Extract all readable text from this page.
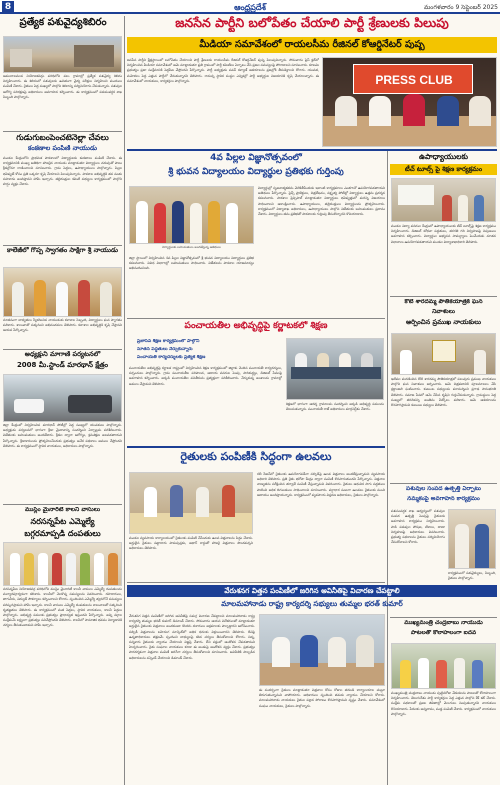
8	ఆంధ్రప్రదేశ్	మంగళవారం 9 సెప్టెంబర్ 2025
ప్రత్యేక పశువైద్యశిబిరం

ఆముదాలవలస నియోజకవర్గం పరిధిలోని పలు గ్రామాల్లో ప్రత్యేక పశువైద్య శిబిరం నిర్వహించారు. ఈ శిబిరంలో పశువులకు ఉచితంగా వైద్య పరీక్షలు నిర్వహించి మందులు పంపిణీ చేశారు. రైతులు పెద్ద సంఖ్యలో పాల్గొని శిబిరాన్ని సద్వినియోగం చేసుకున్నారు. పశువుల ఆరోగ్య పరిరక్షణపై అధికారులు అవగాహన కల్పించారు. ఈ కార్యక్రమంలో పశుసంవర్ధక శాఖ సిబ్బంది పాల్గొన్నారు.

గుడుగుబంపెంచటెనెల్లా చేవలు
కంకణాల పంపిణీ నాయుడు

మండల కేంద్రంలోని ప్రాథమిక పాఠశాలలో విద్యార్థులకు కంకణాలు పంపిణీ చేశారు. ఈ కార్యక్రమానికి ముఖ్య అతిథిగా హాజరైన నాయుడు మాట్లాడుతూ విద్యార్థులు చదువుతో పాటు క్రీడల్లోనూ రాణించాలని సూచించారు. గ్రామ పెద్దలు, ఉపాధ్యాయులు పాల్గొన్నారు. పిల్లల భవిష్యత్ కోసం ప్రతి ఒక్కరూ కృషి చేయాలని పిలుపునిచ్చారు. పాఠశాల అభివృద్ధికి తన వంతు సహకారం అందిస్తానని హామీ ఇచ్చారు. తల్లిదండ్రుల కమిటీ సభ్యులు కార్యక్రమంలో పాల్గొని హర్షం వ్యక్తం చేశారు.

కాలేజీలో గొప్ప స్వాగతం సాక్షిగా శ్రీ నాయుడు

నూతనంగా బాధ్యతలు స్వీకరించిన నాయుడుకు కళాశాల సిబ్బంది, విద్యార్థులు ఘన స్వాగతం పలికారు. శాలువాతో సత్కరించి అభినందనలు తెలిపారు. కళాశాల అభివృద్ధికి కృషి చేస్తానని ఆయన పేర్కొన్నారు.

అధ్యక్షుని మాగాణి పర్యటనలో
2008 మీ.స్టాండ్ మారథాన్ క్షేత్రం

జిల్లా కేంద్రంలో నిర్వహించిన మారథాన్ పోటీల్లో పెద్ద సంఖ్యలో యువకులు పాల్గొన్నారు. అధ్యక్షుడు పర్యటనలో భాగంగా క్రీడా మైదానాన్ని సందర్శించి ఏర్పాట్లను పరిశీలించారు. విజేతలకు బహుమతులు అందజేశారు. క్రీడల ద్వారా ఆరోగ్యం, క్రమశిక్షణ అలవడతాయని పేర్కొన్నారు. క్రీడాకారులను ప్రోత్సహించేందుకు ప్రభుత్వం అనేక పథకాలు అమలు చేస్తోందని తెలిపారు. ఈ కార్యక్రమంలో స్థానిక నాయకులు, అధికారులు పాల్గొన్నారు.

ముస్లిం మైనారిటీ కాలనీ వాసులు
నరసన్నపేట ఎమ్మెల్యే
బగ్గరమాప్పడి దంపతులు

నరసన్నపేట నియోజకవర్గ పరిధిలోని ముస్లిం మైనారిటీ కాలనీ వాసులు ఎమ్మెల్యే దంపతులను మర్యాదపూర్వకంగా కలిశారు. కాలనీలో నెలకొన్న సమస్యలను వివరించారు. రహదారులు, తాగునీరు, విద్యుత్ సౌకర్యాలు కల్పించాలని కోరారు. స్పందించిన ఎమ్మెల్యే త్వరలోనే సమస్యలు పరిష్కరిస్తామని హామీ ఇచ్చారు. కాలనీ వాసులు ఎమ్మెల్యే దంపతులను శాలువాలతో సత్కరించి కృతజ్ఞతలు తెలిపారు. ఈ కార్యక్రమంలో మత పెద్దలు, స్థానిక నాయకులు, కాలనీ పెద్దలు పాల్గొన్నారు. అభివృద్ధి పనులకు ప్రభుత్వం ప్రాధాన్యత ఇస్తుందని పేర్కొన్నారు. అన్ని వర్గాల సంక్షేమమే లక్ష్యంగా ప్రభుత్వం పనిచేస్తోందని తెలిపారు. కాలనీలో సామాజిక భవనం నిర్మాణానికి చర్యలు తీసుకుంటామని హామీ ఇచ్చారు.

జనసేన పార్టీని బలోపేతం చేయాలి పార్టీ శ్రేణులకు పిలుపు
మీడియా సమావేశంలో రాయలసీమ రీజినల్ కోఆర్డినేటర్ పుష్ప

జనసేన పార్టీని క్షేత్రస్థాయిలో బలోపేతం చేయాలని పార్టీ శ్రేణులకు రాయలసీమ రీజినల్ కోఆర్డినేటర్ పుష్ప పిలుపునిచ్చారు. సోమవారం ప్రెస్ క్లబ్‌లో నిర్వహించిన మీడియా సమావేశంలో ఆమె మాట్లాడుతూ ప్రతి గ్రామంలో పార్టీ కమిటీలు ఏర్పాటు చేసి ప్రజల సమస్యలపై పోరాడాలని సూచించారు. కూటమి ప్రభుత్వం ప్రజా సంక్షేమానికి పెద్దపీట వేస్తోందని పేర్కొన్నారు. పార్టీ అధ్యక్షుడు పవన్ కళ్యాణ్ ఆశయాలను ప్రజల్లోకి తీసుకెళ్లాలని కోరారు. యువత, మహిళలు పెద్ద ఎత్తున పార్టీలో చేరుతున్నారని తెలిపారు. రానున్న స్థానిక సంస్థల ఎన్నికల్లో పార్టీ అభ్యర్థుల విజయానికి కృషి చేయాలన్నారు. ఈ సమావేశంలో నాయకులు, కార్యకర్తలు పాల్గొన్నారు.	PRESS CLUB
4వ పిల్లల విజ్ఞానోత్సవంలో
శ్రీ భువన విద్యాలయం విద్యార్థుల ప్రతిభకు గుర్తింపు
విద్యార్థులకు బహుమతులు అందజేస్తున్న అతిథులు

జిల్లా స్థాయిలో నిర్వహించిన 4వ పిల్లల విజ్ఞానోత్సవంలో శ్రీ భువన విద్యాలయం విద్యార్థులు ప్రతిభ కనబరిచారు. వివిధ విభాగాల్లో బహుమతులు సాధించారు. విజేతలను పాఠశాల యాజమాన్యం అభినందించింది.

విద్యార్థుల్లో సృజనాత్మకతను వెలికితీసేందుకు ఇలాంటి కార్యక్రమాలు ఎంతగానో ఉపయోగపడతాయని అతిథులు పేర్కొన్నారు. సైన్స్ ప్రాజెక్టులు, చిత్రలేఖనం, వక్తృత్వ పోటీల్లో విద్యార్థులు ఉత్తమ ప్రదర్శన కనబరిచారు. పాఠశాల ప్రిన్సిపాల్ మాట్లాడుతూ విద్యార్థులు భవిష్యత్తులో మరిన్ని విజయాలు సాధించాలని ఆకాంక్షించారు. ఉపాధ్యాయులు, తల్లిదండ్రులు విద్యార్థులను ప్రోత్సహించారు. కార్యక్రమంలో విద్యాశాఖ అధికారులు, ఉపాధ్యాయులు పాల్గొని విజేతలకు బహుమతులు ప్రదానం చేశారు. విద్యార్థులు తమ ప్రతిభతో పాఠశాలకు గుర్తింపు తీసుకొచ్చారని కొనియాడారు.

పంచాయతీల అభివృద్ధిపై కర్ణాటకలో శిక్షణ
ప్రజాసేవ శిక్షణ కార్యక్రమంలో పాల్గొని
నూతన పద్ధతులు నేర్చుకున్నారు
పంచాయతీ కార్యదర్శులకు ప్రత్యేక శిక్షణ

పంచాయతీల అభివృద్ధిపై కర్ణాటక రాష్ట్రంలో నిర్వహించిన శిక్షణ కార్యక్రమంలో జిల్లాకు చెందిన పంచాయతీ కార్యదర్శులు, సర్పంచులు పాల్గొన్నారు. గ్రామ పంచాయతీల పరిపాలన, ఆదాయ వనరుల పెంపు, పారిశుద్ధ్యం, డిజిటల్ సేవలపై అవగాహన కల్పించారు. అక్కడి పంచాయతీల పనితీరును ప్రత్యక్షంగా పరిశీలించారు. నేర్చుకున్న అంశాలను గ్రామాల్లో అమలు చేస్తామని తెలిపారు.

శిక్షణలో భాగంగా ఆదర్శ గ్రామాలను సందర్శించి అక్కడి అభివృద్ధి పనులను తెలుసుకున్నారు. పంచాయతీ రాజ్ అధికారులు మార్గనిర్దేశం చేశారు.

రైతులకు పంపిణీకి సిద్ధంగా ఉలవలు

మండల వ్యవసాయ కార్యాలయంలో రైతులకు పంపిణీ చేసేందుకు ఉలవ విత్తనాలను సిద్ధం చేశారు. అర్హులైన రైతులు పట్టాదారు పాసుపుస్తకం, ఆధార్ కార్డుతో హాజరై విత్తనాలు పొందవచ్చని అధికారులు తెలిపారు.

రబీ సీజన్‌లో రైతులకు ఉపయోగపడేలా సబ్సిడీపై ఉలవ విత్తనాలు అందజేస్తున్నామని వ్యవసాయ అధికారి తెలిపారు. ప్రతి రైతు భరోసా కేంద్రం ద్వారా పంపిణీ కొనసాగుతుందని పేర్కొన్నారు. విత్తనాల నాణ్యతను పరీక్షించిన తర్వాతే పంపిణీ చేస్తున్నామని వివరించారు. రైతులు ఆధునిక సాగు పద్ధతులు పాటించి అధిక దిగుబడులు సాధించాలని సూచించారు. వర్షాధార పంటగా ఉలవలు రైతులకు మంచి ఆదాయం అందిస్తాయన్నారు. కార్యక్రమంలో వ్యవసాయ విస్తరణ అధికారులు, రైతులు పాల్గొన్నారు.

వేరుశనగ విత్తన పంపిణీలో జరిగిన అవినీతిపై విచారణ చేపట్టాలి
మాలమహానాడు రాష్ట్ర కార్యదర్శి సభ్యులు తుమ్మల భరత్ కుమార్

వేరుశనగ విత్తన పంపిణీలో జరిగిన అవినీతిపై సమగ్ర విచారణ చేపట్టాలని మాలమహానాడు రాష్ట్ర కార్యదర్శి తుమ్మల భరత్ కుమార్ డిమాండ్ చేశారు. సోమవారం ఆయన విలేకరులతో మాట్లాడుతూ అర్హులైన రైతులకు విత్తనాలు అందకుండా కొందరు దళారులు అక్రమాలకు పాల్పడ్డారని ఆరోపించారు. సబ్సిడీ విత్తనాలను బహిరంగ మార్కెట్‌లో అధిక ధరలకు విక్రయించారని తెలిపారు. దీనిపై ఉన్నతాధికారులు తక్షణమే స్పందించి బాధ్యులపై కఠిన చర్యలు తీసుకోవాలని కోరారు. చిన్న, సన్నకారు రైతులకు న్యాయం చేయాలని విజ్ఞప్తి చేశారు. లేని పక్షంలో ఆందోళన చేపడతామని హెచ్చరించారు. రైతు సంఘాల నాయకులు కూడా ఈ అంశంపై ఆందోళన వ్యక్తం చేశారు. ప్రభుత్వం పారదర్శకంగా విత్తనాల పంపిణీ జరిగేలా చర్యలు తీసుకోవాలని సూచించారు. అవినీతికి పాల్పడిన అధికారులను సస్పెండ్ చేయాలని డిమాండ్ చేశారు.

ఈ సందర్భంగా రైతులు మాట్లాడుతూ విత్తనాల కోసం రోజుల తరబడి కార్యాలయాల చుట్టూ తిరుగుతున్నామని వాపోయారు. అధికారులు స్పందించి తమకు న్యాయం చేయాలని కోరారు. మాలమహానాడు నాయకులు రైతుల పక్షాన పోరాటం కొనసాగిస్తామని స్పష్టం చేశారు. సమావేశంలో సంఘం నాయకులు, రైతులు పాల్గొన్నారు.

ఉపాధ్యాయులకు
టీచ్ టూల్స్ పై శిక్షణ కార్యక్రమం

మండల విద్యా వనరుల కేంద్రంలో ఉపాధ్యాయులకు టీచ్ టూల్స్‌పై శిక్షణ కార్యక్రమం నిర్వహించారు. డిజిటల్ బోధనా పద్ధతులు, తరగతి గది నిర్వహణపై నిపుణులు అవగాహన కల్పించారు. విద్యార్థుల అభ్యసన సామర్థ్యాలు పెంచేందుకు నూతన విధానాలు ఉపయోగపడతాయని మండల విద్యాశాఖాధికారి తెలిపారు.

కోటి శారదమ్మ పౌతికయాత్రకి ఘన
నివాళులు
అర్పించిన ప్రముఖ నాయకులు

ఇటీవల మరణించిన కోటి శారదమ్మ పౌతికయాత్రలో పలువురు ప్రముఖ నాయకులు పాల్గొని ఘన నివాళులు అర్పించారు. ఆమె చిత్రపటానికి పూలమాలలు వేసి శ్రద్ధాంజలి ఘటించారు. కుటుంబ సభ్యులను పరామర్శించి ప్రగాఢ సానుభూతి తెలిపారు. సమాజ సేవలో ఆమె చేసిన కృషిని గుర్తుచేసుకున్నారు. గ్రామస్థులు పెద్ద సంఖ్యలో తరలివచ్చి అంతిమ వీడ్కోలు పలికారు. ఆమె ఆశయాలను కొనసాగిస్తామని కుటుంబ సభ్యులు తెలిపారు.

పశువుల సంపద ఉత్పత్తి ఏర్పాటు
నమ్మకంపై అవగాహన కార్యక్రమం

పశుసంవర్ధక శాఖ ఆధ్వర్యంలో పశువుల సంపద ఉత్పత్తి పెంపుపై రైతులకు అవగాహన కార్యక్రమం నిర్వహించారు. పాడి పశువుల పోషణ, టీకాలు, దాణా నిర్వహణపై అధికారులు వివరించారు. ప్రభుత్వ పథకాలను రైతులు సద్వినియోగం చేసుకోవాలని కోరారు.

కార్యక్రమంలో పశువైద్యులు, సిబ్బంది, రైతులు పాల్గొన్నారు.

ముఖ్యమంత్రి చంద్రబాబు నాయుడు
పాటలతో కోలాహలంగా ఐదవ

ముఖ్యమంత్రి చంద్రబాబు నాయుడు పుట్టినరోజు వేడుకలను పాటలతో కోలాహలంగా నిర్వహించారు. తెలుగుదేశం పార్టీ కార్యకర్తలు పెద్ద ఎత్తున పాల్గొని కేక్ కట్ చేశారు. సంక్షేమ పథకాలతో ప్రజల జీవితాల్లో వెలుగులు నింపుతున్నారని నాయకులు కొనియాడారు. పేదలకు అన్నదానం, పండ్ల పంపిణీ చేశారు. కార్యక్రమంలో నాయకులు పాల్గొన్నారు.
